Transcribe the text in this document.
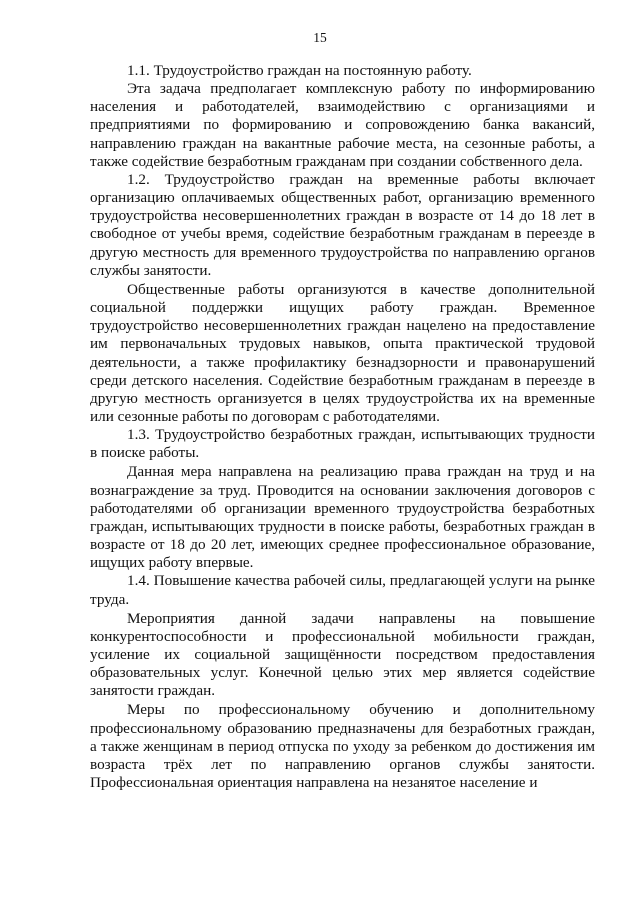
15

1.1. Трудоустройство граждан на постоянную работу.

Эта задача предполагает комплексную работу по информированию населения и работодателей, взаимодействию с организациями и предприятиями по формированию и сопровождению банка вакансий, направлению граждан на вакантные рабочие места, на сезонные работы, а также содействие безработным гражданам при создании собственного дела.

1.2. Трудоустройство граждан на временные работы включает организацию оплачиваемых общественных работ, организацию временного трудоустройства несовершеннолетних граждан в возрасте от 14 до 18 лет в свободное от учебы время, содействие безработным гражданам в переезде в другую местность для временного трудоустройства по направлению органов службы занятости.

Общественные работы организуются в качестве дополнительной социальной поддержки ищущих работу граждан. Временное трудоустройство несовершеннолетних граждан нацелено на предоставление им первоначальных трудовых навыков, опыта практической трудовой деятельности, а также профилактику безнадзорности и правонарушений среди детского населения. Содействие безработным гражданам в переезде в другую местность организуется в целях трудоустройства их на временные или сезонные работы по договорам с работодателями.

1.3. Трудоустройство безработных граждан, испытывающих трудности в поиске работы.

Данная мера направлена на реализацию права граждан на труд и на вознаграждение за труд. Проводится на основании заключения договоров с работодателями об организации временного трудоустройства безработных граждан, испытывающих трудности в поиске работы, безработных граждан в возрасте от 18 до 20 лет, имеющих среднее профессиональное образование, ищущих работу впервые.

1.4. Повышение качества рабочей силы, предлагающей услуги на рынке труда.

Мероприятия данной задачи направлены на повышение конкурентоспособности и профессиональной мобильности граждан, усиление их социальной защищённости посредством предоставления образовательных услуг. Конечной целью этих мер является содействие занятости граждан.

Меры по профессиональному обучению и дополнительному профессиональному образованию предназначены для безработных граждан, а также женщинам в период отпуска по уходу за ребенком до достижения им возраста трёх лет по направлению органов службы занятости. Профессиональная ориентация направлена на незанятое население и
